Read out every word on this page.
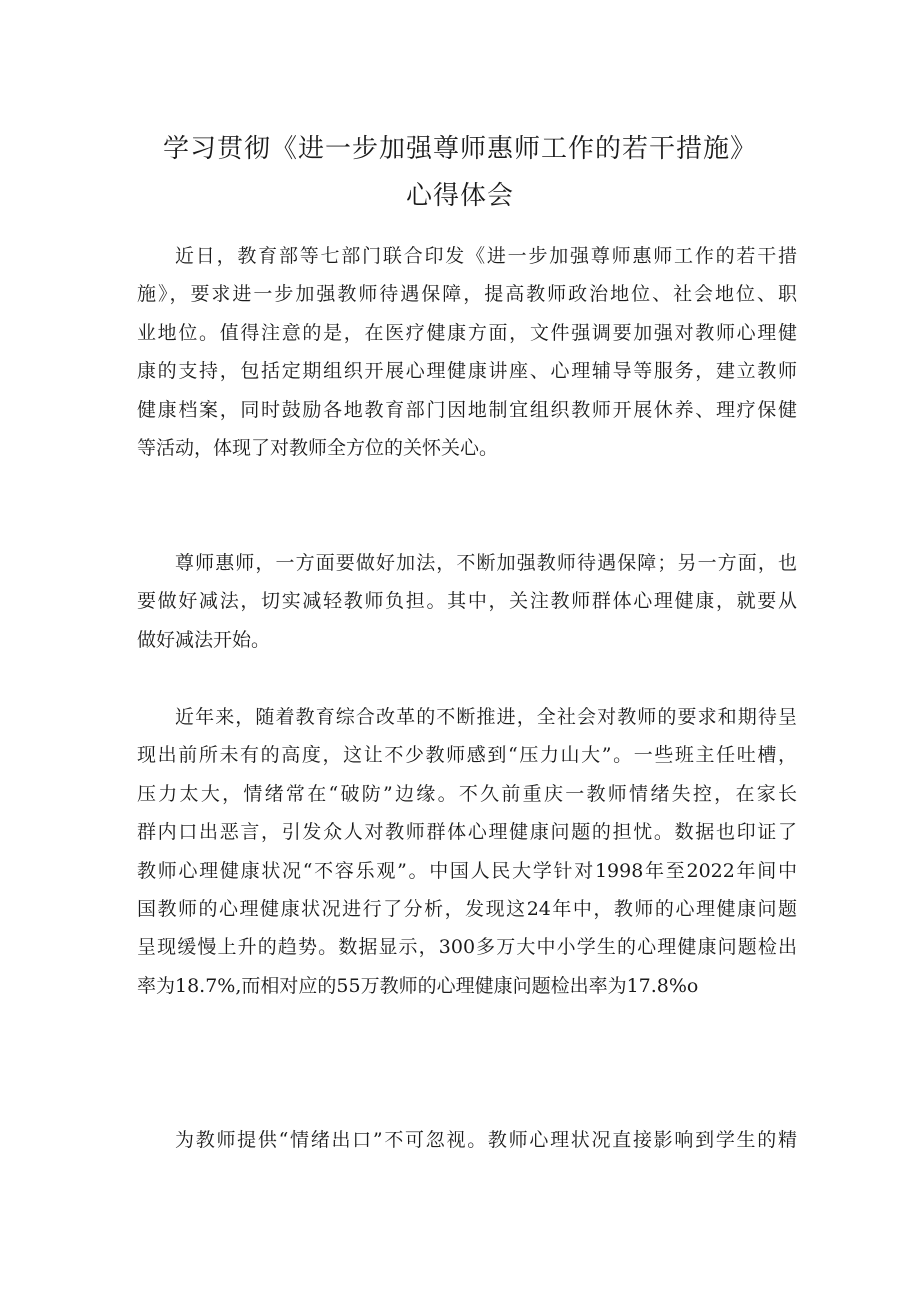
学习贯彻《进一步加强尊师惠师工作的若干措施》
心得体会
近日，教育部等七部门联合印发《进一步加强尊师惠师工作的若干措
施》，要求进一步加强教师待遇保障，提高教师政治地位、社会地位、职
业地位。值得注意的是，在医疗健康方面，文件强调要加强对教师心理健
康的支持，包括定期组织开展心理健康讲座、心理辅导等服务，建立教师
健康档案，同时鼓励各地教育部门因地制宜组织教师开展休养、理疗保健
等活动，体现了对教师全方位的关怀关心。
尊师惠师，一方面要做好加法，不断加强教师待遇保障；另一方面，也
要做好减法，切实减轻教师负担。其中，关注教师群体心理健康，就要从
做好减法开始。
近年来，随着教育综合改革的不断推进，全社会对教师的要求和期待呈
现出前所未有的高度，这让不少教师感到“压力山大”。一些班主任吐槽，
压力太大，情绪常在“破防”边缘。不久前重庆一教师情绪失控，在家长
群内口出恶言，引发众人对教师群体心理健康问题的担忧。数据也印证了
教师心理健康状况“不容乐观”。中国人民大学针对1998年至2022年间中
国教师的心理健康状况进行了分析，发现这24年中，教师的心理健康问题
呈现缓慢上升的趋势。数据显示，300多万大中小学生的心理健康问题检出
率为18.7%,而相对应的55万教师的心理健康问题检出率为17.8%o
为教师提供“情绪出口”不可忽视。教师心理状况直接影响到学生的精
